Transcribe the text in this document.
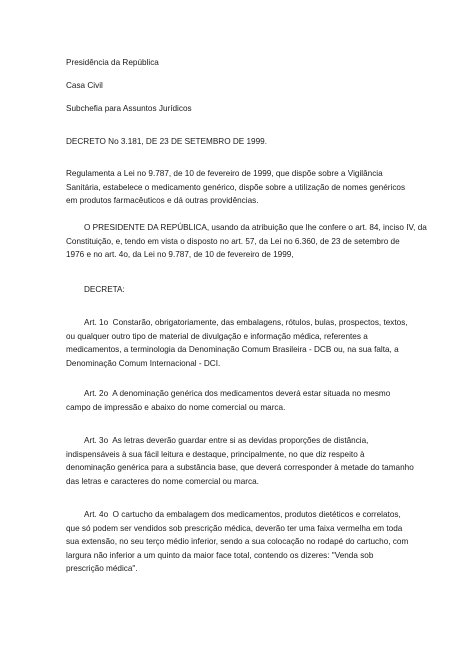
Presidência da República
Casa Civil
Subchefia para Assuntos Jurídicos
DECRETO No 3.181, DE 23 DE SETEMBRO DE 1999.
Regulamenta a Lei no 9.787, de 10 de fevereiro de 1999, que dispõe sobre a Vigilância
Sanitária, estabelece o medicamento genérico, dispõe sobre a utilização de nomes genéricos
em produtos farmacêuticos e dá outras providências.
O PRESIDENTE DA REPÚBLICA, usando da atribuição que lhe confere o art. 84, inciso IV, da
Constituição, e, tendo em vista o disposto no art. 57, da Lei no 6.360, de 23 de setembro de
1976 e no art. 4o, da Lei no 9.787, de 10 de fevereiro de 1999,
DECRETA:
Art. 1o  Constarão, obrigatoriamente, das embalagens, rótulos, bulas, prospectos, textos,
ou qualquer outro tipo de material de divulgação e informação médica, referentes a
medicamentos, a terminologia da Denominação Comum Brasileira - DCB ou, na sua falta, a
Denominação Comum Internacional - DCI.
Art. 2o  A denominação genérica dos medicamentos deverá estar situada no mesmo
campo de impressão e abaixo do nome comercial ou marca.
Art. 3o  As letras deverão guardar entre si as devidas proporções de distância,
indispensáveis à sua fácil leitura e destaque, principalmente, no que diz respeito à
denominação genérica para a substância base, que deverá corresponder à metade do tamanho
das letras e caracteres do nome comercial ou marca.
Art. 4o  O cartucho da embalagem dos medicamentos, produtos dietéticos e correlatos,
que só podem ser vendidos sob prescrição médica, deverão ter uma faixa vermelha em toda
sua extensão, no seu terço médio inferior, sendo a sua colocação no rodapé do cartucho, com
largura não inferior a um quinto da maior face total, contendo os dizeres: "Venda sob
prescrição médica".
